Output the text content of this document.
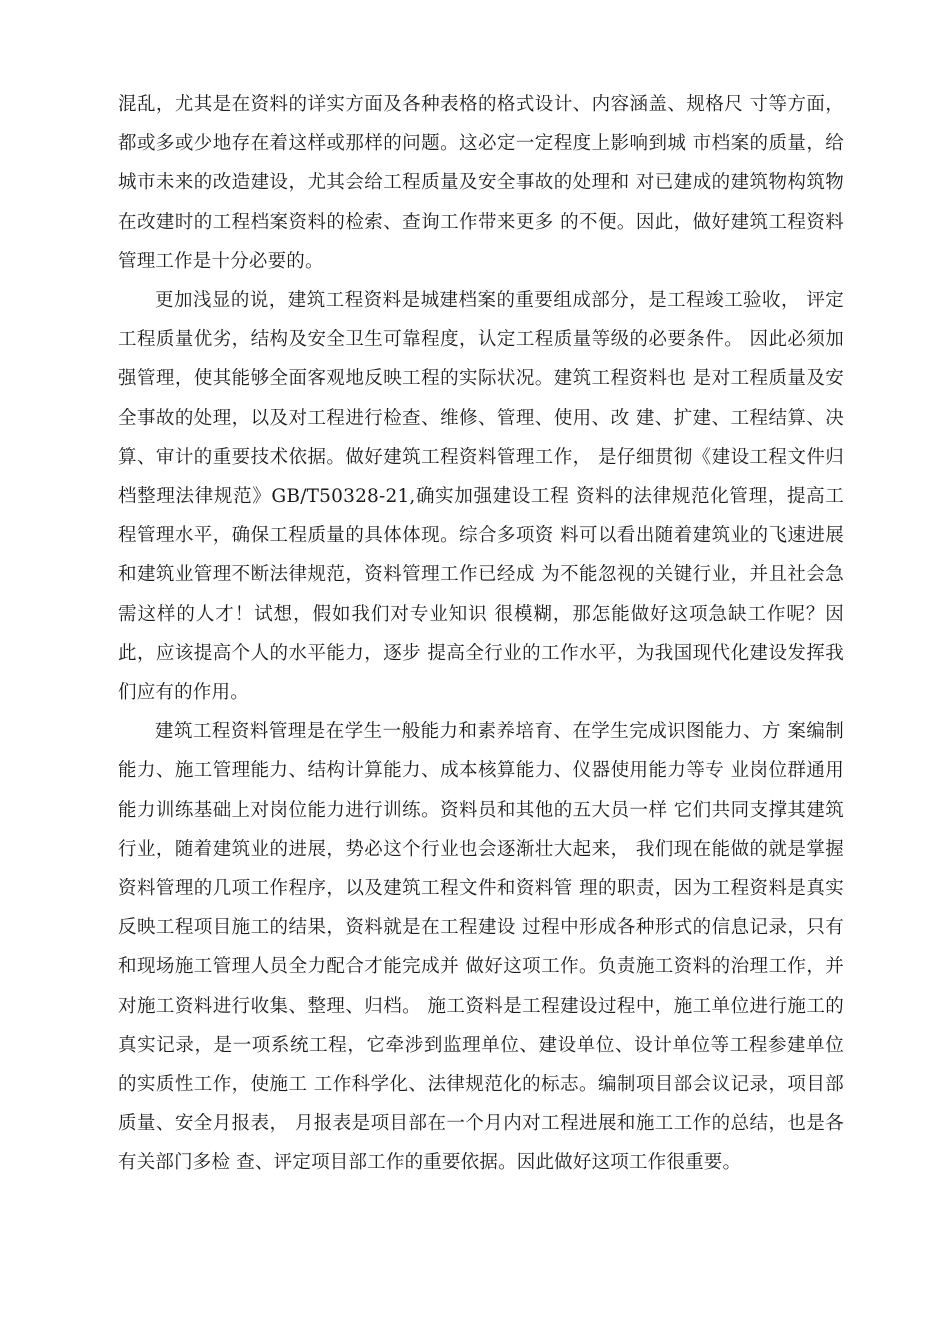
混乱，尤其是在资料的详实方面及各种表格的格式设计、内容涵盖、规格尺 寸等方面，都或多或少地存在着这样或那样的问题。这必定一定程度上影响到城 市档案的质量，给城市未来的改造建设，尤其会给工程质量及安全事故的处理和 对已建成的建筑物构筑物在改建时的工程档案资料的检索、查询工作带来更多 的不便。因此，做好建筑工程资料管理工作是十分必要的。

更加浅显的说，建筑工程资料是城建档案的重要组成部分，是工程竣工验收， 评定工程质量优劣，结构及安全卫生可靠程度，认定工程质量等级的必要条件。 因此必须加强管理，使其能够全面客观地反映工程的实际状况。建筑工程资料也 是对工程质量及安全事故的处理，以及对工程进行检查、维修、管理、使用、改 建、扩建、工程结算、决算、审计的重要技术依据。做好建筑工程资料管理工作， 是仔细贯彻《建设工程文件归档整理法律规范》GB/T50328-21,确实加强建设工程 资料的法律规范化管理，提高工程管理水平，确保工程质量的具体体现。综合多项资 料可以看出随着建筑业的飞速进展和建筑业管理不断法律规范，资料管理工作已经成 为不能忽视的关键行业，并且社会急需这样的人才！试想，假如我们对专业知识 很模糊，那怎能做好这项急缺工作呢？因此，应该提高个人的水平能力，逐步 提高全行业的工作水平，为我国现代化建设发挥我们应有的作用。

建筑工程资料管理是在学生一般能力和素养培育、在学生完成识图能力、方 案编制能力、施工管理能力、结构计算能力、成本核算能力、仪器使用能力等专 业岗位群通用能力训练基础上对岗位能力进行训练。资料员和其他的五大员一样 它们共同支撑其建筑行业，随着建筑业的进展，势必这个行业也会逐渐壮大起来， 我们现在能做的就是掌握资料管理的几项工作程序，以及建筑工程文件和资料管 理的职责，因为工程资料是真实反映工程项目施工的结果，资料就是在工程建设 过程中形成各种形式的信息记录，只有和现场施工管理人员全力配合才能完成并 做好这项工作。负责施工资料的治理工作，并对施工资料进行收集、整理、归档。 施工资料是工程建设过程中，施工单位进行施工的真实记录，是一项系统工程，它牵涉到监理单位、建设单位、设计单位等工程参建单位的实质性工作，使施工 工作科学化、法律规范化的标志。编制项目部会议记录，项目部质量、安全月报表， 月报表是项目部在一个月内对工程进展和施工工作的总结，也是各有关部门多检 查、评定项目部工作的重要依据。因此做好这项工作很重要。
